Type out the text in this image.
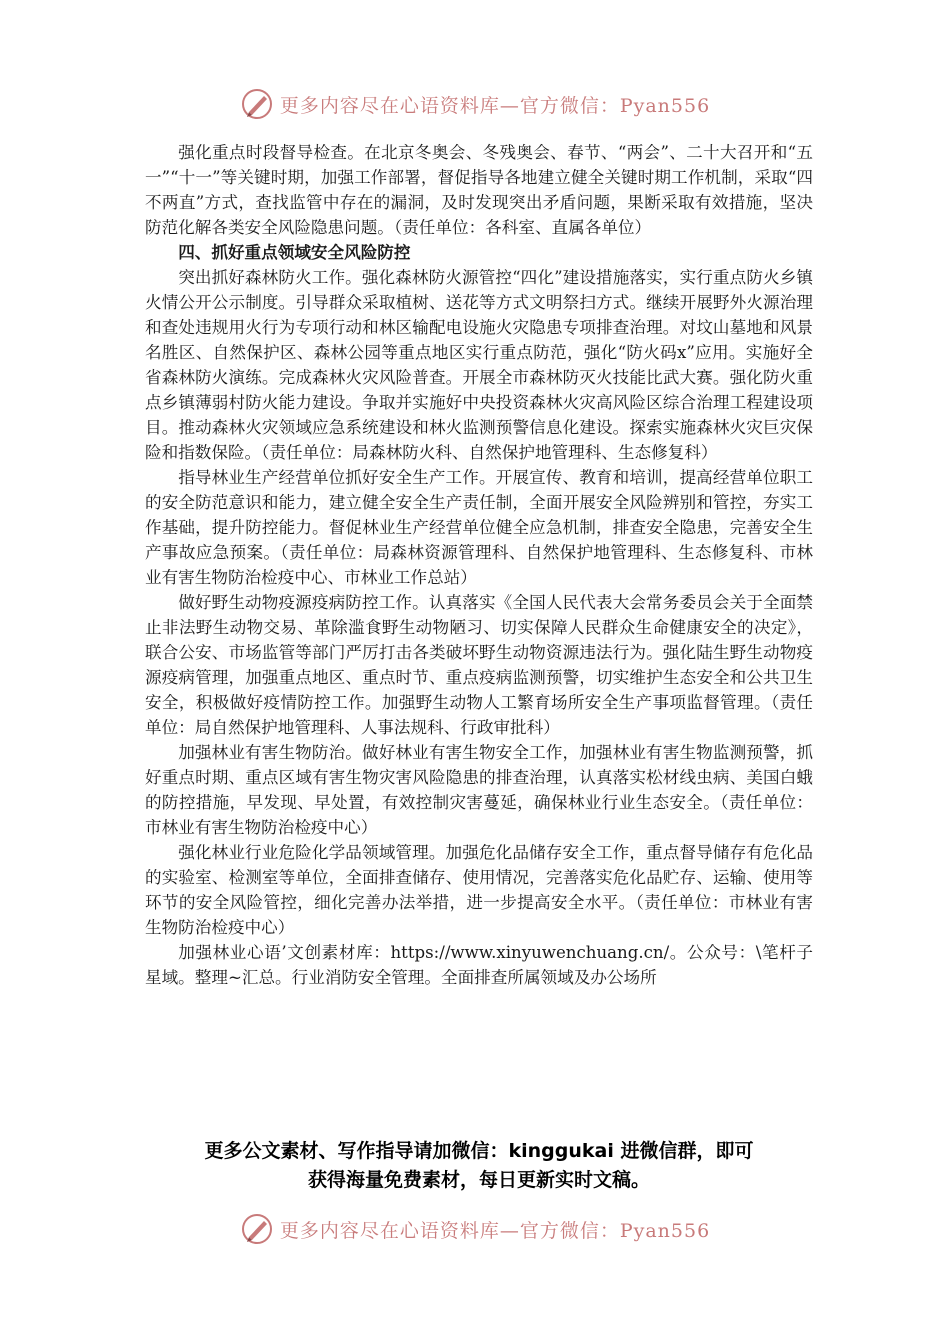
更多内容尽在心语资料库—官方微信：Pyan556

强化重点时段督导检查。在北京冬奥会、冬残奥会、春节、“两会”、二十大召开和“五一”“十一”等关键时期，加强工作部署，督促指导各地建立健全关键时期工作机制，采取“四不两直”方式，查找监管中存在的漏洞，及时发现突出矛盾问题，果断采取有效措施，坚决防范化解各类安全风险隐患问题。（责任单位：各科室、直属各单位）

四、抓好重点领域安全风险防控

突出抓好森林防火工作。强化森林防火源管控“四化”建设措施落实，实行重点防火乡镇火情公开公示制度。引导群众采取植树、送花等方式文明祭扫方式。继续开展野外火源治理和查处违规用火行为专项行动和林区输配电设施火灾隐患专项排查治理。对坟山墓地和风景名胜区、自然保护区、森林公园等重点地区实行重点防范，强化“防火码x”应用。实施好全省森林防火演练。完成森林火灾风险普查。开展全市森林防灭火技能比武大赛。强化防火重点乡镇薄弱村防火能力建设。争取并实施好中央投资森林火灾高风险区综合治理工程建设项目。推动森林火灾领域应急系统建设和林火监测预警信息化建设。探索实施森林火灾巨灾保险和指数保险。（责任单位：局森林防火科、自然保护地管理科、生态修复科）

指导林业生产经营单位抓好安全生产工作。开展宣传、教育和培训，提高经营单位职工的安全防范意识和能力，建立健全安全生产责任制，全面开展安全风险辨别和管控，夯实工作基础，提升防控能力。督促林业生产经营单位健全应急机制，排查安全隐患，完善安全生产事故应急预案。（责任单位：局森林资源管理科、自然保护地管理科、生态修复科、市林业有害生物防治检疫中心、市林业工作总站）

做好野生动物疫源疫病防控工作。认真落实《全国人民代表大会常务委员会关于全面禁止非法野生动物交易、革除滥食野生动物陋习、切实保障人民群众生命健康安全的决定》，联合公安、市场监管等部门严厉打击各类破坏野生动物资源违法行为。强化陆生野生动物疫源疫病管理，加强重点地区、重点时节、重点疫病监测预警，切实维护生态安全和公共卫生安全，积极做好疫情防控工作。加强野生动物人工繁育场所安全生产事项监督管理。（责任单位：局自然保护地管理科、人事法规科、行政审批科）

加强林业有害生物防治。做好林业有害生物安全工作，加强林业有害生物监测预警，抓好重点时期、重点区域有害生物灾害风险隐患的排查治理，认真落实松材线虫病、美国白蛾的防控措施，早发现、早处置，有效控制灾害蔓延，确保林业行业生态安全。（责任单位：市林业有害生物防治检疫中心）

强化林业行业危险化学品领域管理。加强危化品储存安全工作，重点督导储存有危化品的实验室、检测室等单位，全面排查储存、使用情况，完善落实危化品贮存、运输、使用等环节的安全风险管控，细化完善办法举措，进一步提高安全水平。（责任单位：市林业有害生物防治检疫中心）

加强林业心语’文创素材库：https://www.xinyuwenchuang.cn/。公众号：\笔杆子星域。整理~汇总。行业消防安全管理。全面排查所属领域及办公场所

更多公文素材、写作指导请加微信：kinggukai 进微信群，即可
获得海量免费素材，每日更新实时文稿。
更多内容尽在心语资料库—官方微信：Pyan556
